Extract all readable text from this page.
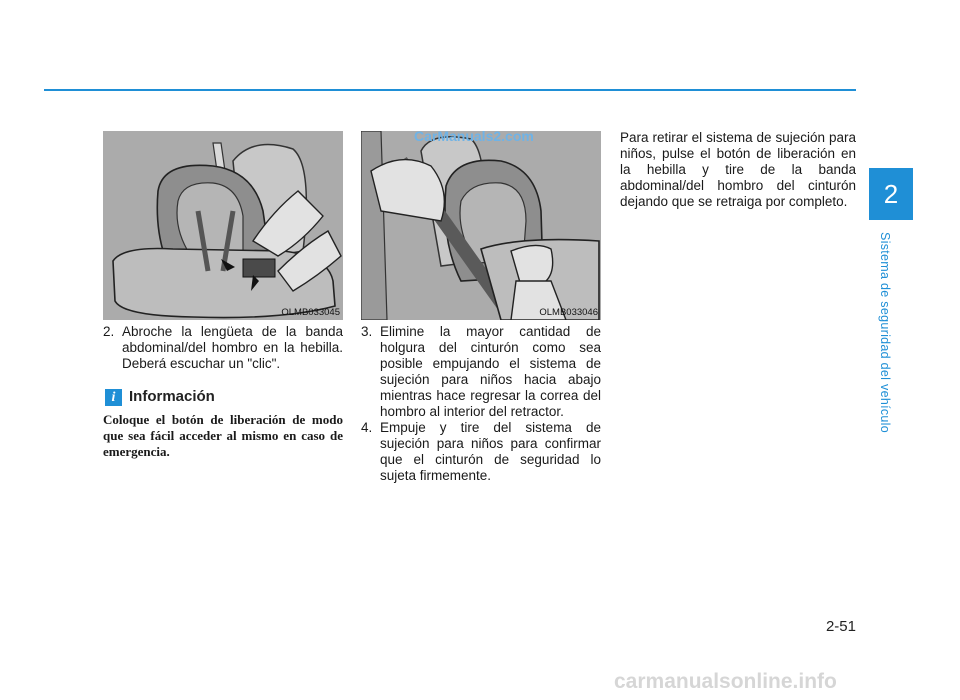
2
Sistema de seguridad del vehículo
OLMB033045	OLMB033046
CarManuals2.com
2. Abroche la lengüeta de la banda abdominal/del hombro en la hebilla. Deberá escuchar un "clic".
i Información
Coloque el botón de liberación de modo que sea fácil acceder al mismo en caso de emergencia.
3. Elimine la mayor cantidad de holgura del cinturón como sea posible empujando el sistema de sujeción para niños hacia abajo mientras hace regresar la correa del hombro al interior del retractor.
4. Empuje y tire del sistema de sujeción para niños para confirmar que el cinturón de seguridad lo sujeta firmemente.
Para retirar el sistema de sujeción para niños, pulse el botón de liberación en la hebilla y tire de la banda abdominal/del hombro del cinturón dejando que se retraiga por completo.
2-51
carmanualsonline.info
